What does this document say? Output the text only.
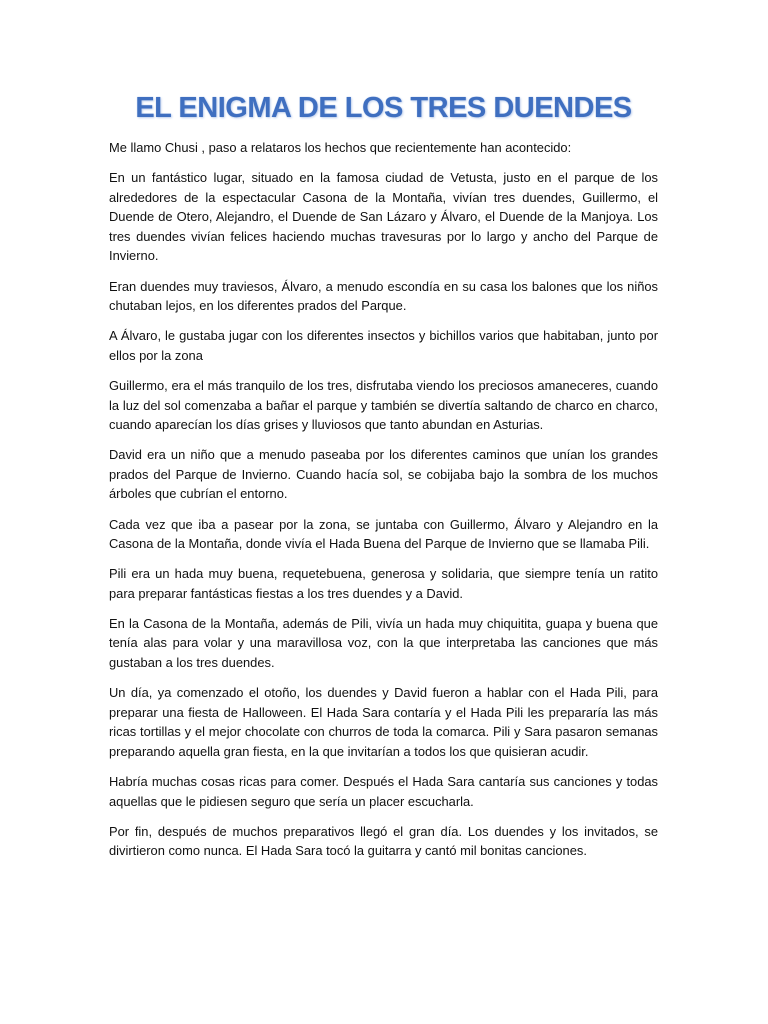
EL ENIGMA DE LOS TRES DUENDES

Me llamo Chusi , paso a relataros los hechos que recientemente han acontecido:

En un fantástico lugar, situado en la famosa ciudad de Vetusta, justo en el parque de los alrededores de la espectacular Casona de la Montaña, vivían tres duendes, Guillermo, el Duende de Otero, Alejandro, el Duende de San Lázaro y Álvaro, el Duende de la Manjoya. Los tres duendes vivían felices haciendo muchas travesuras por lo largo y ancho del Parque de Invierno.

Eran duendes muy traviesos, Álvaro, a menudo escondía en su casa los balones que los niños chutaban lejos, en los diferentes prados del Parque.

A Álvaro, le gustaba jugar con los diferentes insectos y bichillos varios que habitaban, junto por ellos por la zona

Guillermo, era el más tranquilo de los tres, disfrutaba viendo los preciosos amaneceres, cuando la luz del sol comenzaba a bañar el parque y también se divertía saltando de charco en charco, cuando aparecían los días grises y lluviosos que tanto abundan en Asturias.

David era un niño que a menudo paseaba por los diferentes caminos que unían los grandes prados del Parque de Invierno. Cuando hacía sol, se cobijaba bajo la sombra de los muchos árboles que cubrían el entorno.

Cada vez que iba a pasear por la zona, se juntaba con Guillermo, Álvaro y Alejandro en la Casona de la Montaña, donde vivía el Hada Buena del Parque de Invierno que se llamaba Pili.

Pili era un hada muy buena, requetebuena, generosa y solidaria, que siempre tenía un ratito para preparar fantásticas fiestas a los tres duendes y a David.

En la Casona de la Montaña, además de Pili, vivía un hada muy chiquitita, guapa y buena que tenía alas para volar y una maravillosa voz, con la que interpretaba las canciones que más gustaban a los tres duendes.

Un día, ya comenzado el otoño, los duendes y David fueron a hablar con el Hada Pili, para preparar una fiesta de Halloween. El Hada Sara contaría y el Hada Pili les prepararía las más ricas tortillas y el mejor chocolate con churros de toda la comarca. Pili y Sara pasaron semanas preparando aquella gran fiesta, en la que invitarían a todos los que quisieran acudir.

Habría muchas cosas ricas para comer. Después el Hada Sara cantaría sus canciones y todas aquellas que le pidiesen seguro que sería un placer escucharla.

Por fin, después de muchos preparativos llegó el gran día. Los duendes y los invitados, se divirtieron como nunca. El Hada Sara tocó la guitarra y cantó mil bonitas canciones.
